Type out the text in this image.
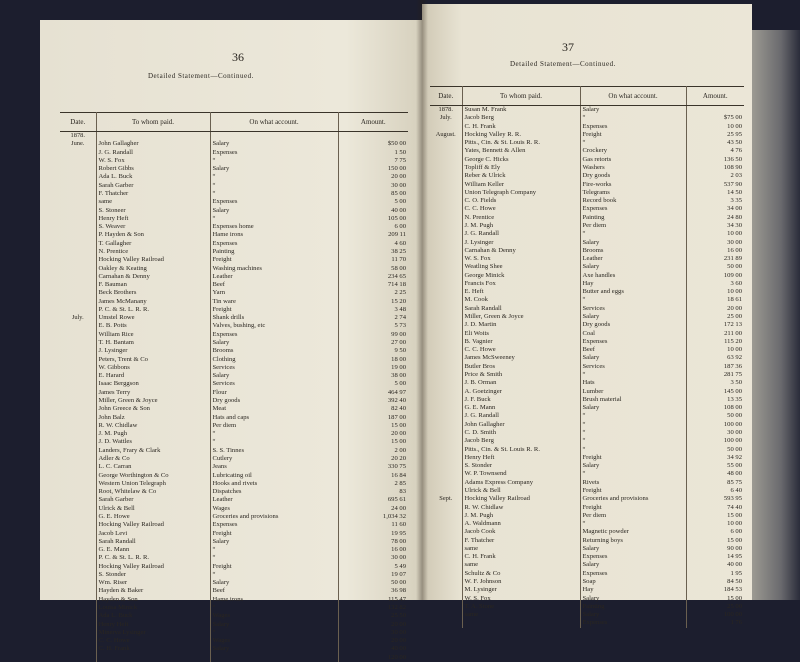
36
Detailed Statement—Continued.
Date.	To whom paid.	On what account.	Amount.
1878.			
June.	John Gallagher	Salary	$50 00
	J. G. Randall	Expenses	1 50
	W. S. Fox	“	7 75
	Robert Gibbs	Salary	150 00
	Ada L. Buck	“	20 00
	Sarah Garber	“	30 00
	F. Thatcher	“	85 00
	same	Expenses	5 00
	S. Stoneer	Salary	40 00
	Henry Heft	“	105 00
	S. Weaver	Expenses home	6 00
	P. Hayden & Son	Hame irons	209 11
	T. Gallagher	Expenses	4 60
	N. Prentice	Painting	38 25
	Hocking Valley Railroad	Freight	11 70
	Oakley & Keating	Washing machines	58 00
	Carnahan & Denny	Leather	234 65
	F. Bauman	Beef	714 18
	Beck Brothers	Yarn	2 25
	James McManany	Tin ware	15 20
	P. C. & St. L. R. R.	Freight	3 48
July.	Umstel Rowe	Shank drills	2 74
	E. B. Potts	Valves, bushing, etc	5 73
	William Rice	Expenses	99 00
	T. H. Bantam	Salary	27 00
	J. Lysinger	Brooms	9 50
	Peters, Trent & Co	Clothing	18 00
	W. Gibbons	Services	19 00
	E. Harard	Salary	38 00
	Isaac Berggson	Services	5 00
	James Terry	Flour	464 97
	Miller, Green & Joyce	Dry goods	392 40
	John Greece & Son	Meat	82 40
	John Balz	Hats and caps	187 00
	R. W. Chidlaw	Per diem	15 00
	J. M. Pugh	“	20 00
	J. D. Wattles	“	15 00
	Landers, Frary & Clark	S. S. Tinnes	2 00
	Adler & Co	Cutlery	20 20
	L. C. Carran	Jeans	330 75
	George Worthington & Co	Lubricating oil	16 84
	Western Union Telegraph	Hooks and rivets	2 85
	Root, Whitelaw & Co	Dispatches	83
	Sarah Garber	Leather	695 61
	Ulrick & Bell	Wages	24 00
	G. E. Howe	Groceries and provisions	1,034 32
	Hocking Valley Railroad	Expenses	11 60
	Jacob Levi	Freight	19 95
	Sarah Randall	Salary	78 00
	G. E. Mann	“	16 00
	P. C. & St. L. R. R.	“	30 00
	Hocking Valley Railroad	Freight	5 49
	S. Stonder	“	19 07
	Wm. Riser	Salary	50 00
	Hayden & Baker	Beef	36 98
	Hayden & Son	Hame irons	115 47
	Louisa Minick	“	132 82
	Ada L. Buck	Wages	25 50
	Henry Heft	Salary	20 00
	Minerva Lysinger	“	30 00
	C. C. Howe	Wages	20 00
	C. H. Frank	Salary	40 00
			120 00
37
Detailed Statement—Continued.
Date.	To whom paid.	On what account.	Amount.
1878.	Susan M. Frank	Salary	
July.	Jacob Berg	“	$75 00
	C. H. Frank	Expenses	10 00
August.	Hocking Valley R. R.	Freight	25 95
	Pitts., Cin. & St. Louis R. R.	“	43 50
	Yates, Bennett & Allen	Crockery	4 76
	George C. Hicks	Gas retorts	136 50
	Topliff & Ely	Washers	108 90
	Reber & Ulrick	Dry goods	2 03
	William Keller	Fire-works	537 90
	Union Telegraph Company	Telegrams	14 50
	C. O. Fields	Record book	3 35
	C. C. Howe	Expenses	34 00
	N. Prentice	Painting	24 80
	J. M. Pugh	Per diem	34 30
	J. G. Randall	“	10 00
	J. Lysinger	Salary	30 00
	Carnahan & Denny	Brooms	16 00
	W. S. Fox	Leather	231 89
	Weatling Shee	Salary	50 00
	George Minick	Axe handles	109 00
	Francis Fox	Hay	3 60
	E. Heft	Butter and eggs	10 00
	M. Cook	“	18 61
	Sarah Randall	Services	20 00
	Miller, Green & Joyce	Salary	25 00
	J. D. Martin	Dry goods	172 13
	Eli Woits	Coal	211 00
	B. Vagnier	Expenses	115 20
	C. C. Howe	Beef	10 00
	James McSweeney	Salary	63 92
	Butler Bros	Services	187 36
	Price & Smith	“	281 75
	J. B. Orman	Hats	3 50
	A. Goetzinger	Lumber	145 00
	J. F. Buck	Brush material	13 35
	G. E. Mann	Salary	108 00
	J. G. Randall	“	50 00
	John Gallagher	“	100 00
	C. D. Smith	“	30 00
	Jacob Berg	“	100 00
	Pitts., Cin. & St. Louis R. R.	“	50 00
	Henry Heft	Freight	34 92
	S. Stonder	Salary	55 00
	W. P. Townsend	“	48 00
	Adams Express Company	Rivets	85 75
	Ulrick & Bell	Freight	6 40
Sept.	Hocking Valley Railroad	Groceries and provisions	593 95
	R. W. Chidlaw	Freight	74 40
	J. M. Pugh	Per diem	15 00
	A. Waldmann	“	10 00
	Jacob Cook	Magnetic powder	6 00
	F. Thatcher	Returning boys	15 00
	same	Salary	90 00
	C. H. Frank	Expenses	14 95
	same	Salary	40 00
	Schultz & Co	Expenses	1 95
	W. F. Johnson	Soap	84 50
	M. Lysinger	Hay	184 53
	W. S. Fox	Salary	15 00
	T. A. Stone	Painting	25 00
	same	Salary	100 00
		Expenses	1 76
